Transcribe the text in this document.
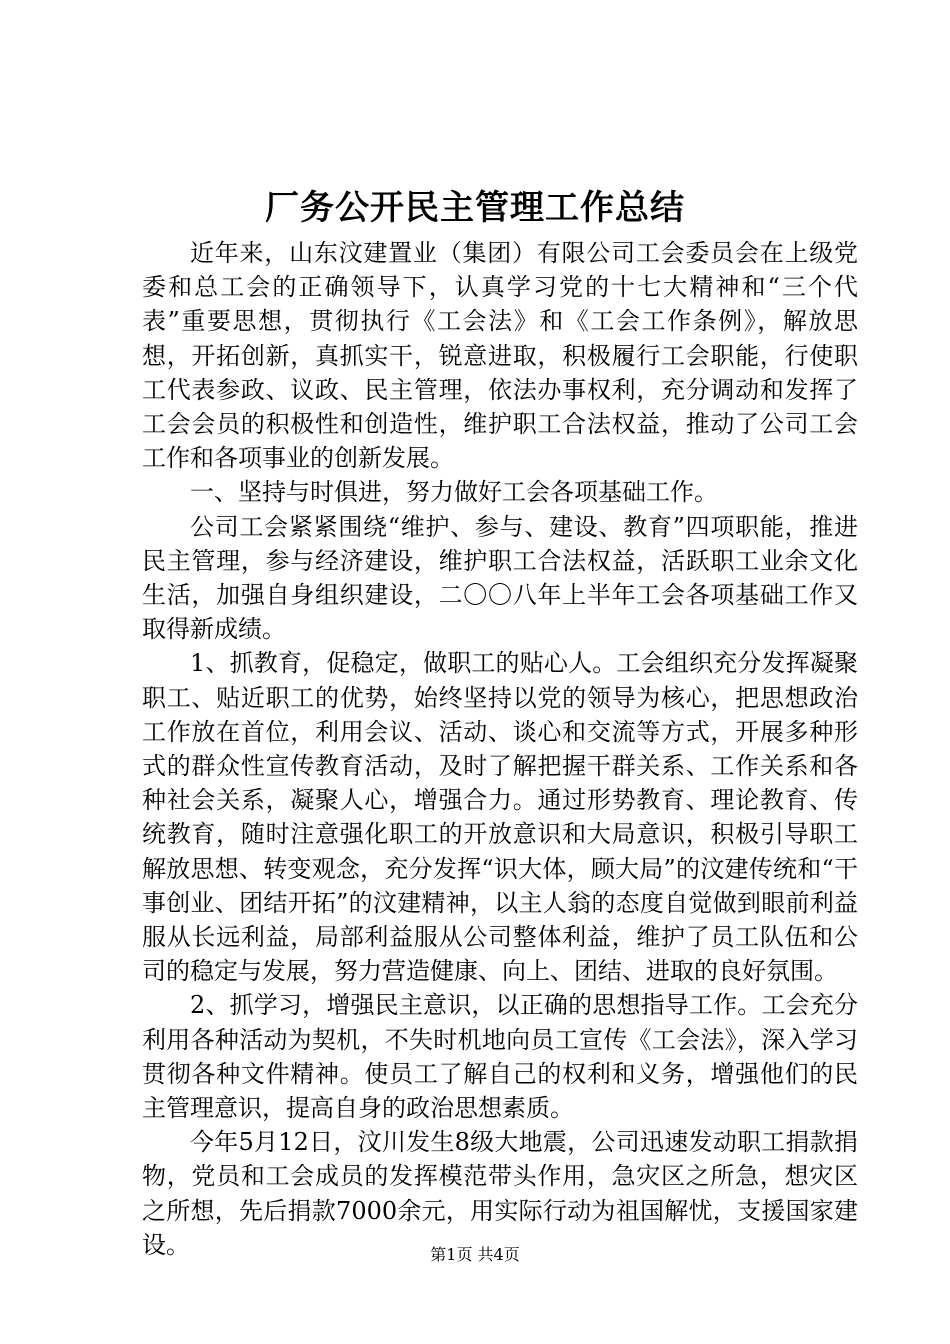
厂务公开民主管理工作总结

近年来，山东汶建置业（集团）有限公司工会委员会在上级党委和总工会的正确领导下，认真学习党的十七大精神和“三个代表”重要思想，贯彻执行《工会法》和《工会工作条例》，解放思想，开拓创新，真抓实干，锐意进取，积极履行工会职能，行使职工代表参政、议政、民主管理，依法办事权利，充分调动和发挥了工会会员的积极性和创造性，维护职工合法权益，推动了公司工会工作和各项事业的创新发展。

一、坚持与时俱进，努力做好工会各项基础工作。

公司工会紧紧围绕“维护、参与、建设、教育”四项职能，推进民主管理，参与经济建设，维护职工合法权益，活跃职工业余文化生活，加强自身组织建设，二〇〇八年上半年工会各项基础工作又取得新成绩。

1、抓教育，促稳定，做职工的贴心人。工会组织充分发挥凝聚职工、贴近职工的优势，始终坚持以党的领导为核心，把思想政治工作放在首位，利用会议、活动、谈心和交流等方式，开展多种形式的群众性宣传教育活动，及时了解把握干群关系、工作关系和各种社会关系，凝聚人心，增强合力。通过形势教育、理论教育、传统教育，随时注意强化职工的开放意识和大局意识，积极引导职工解放思想、转变观念，充分发挥“识大体，顾大局”的汶建传统和“干事创业、团结开拓”的汶建精神，以主人翁的态度自觉做到眼前利益服从长远利益，局部利益服从公司整体利益，维护了员工队伍和公司的稳定与发展，努力营造健康、向上、团结、进取的良好氛围。

2、抓学习，增强民主意识，以正确的思想指导工作。工会充分利用各种活动为契机，不失时机地向员工宣传《工会法》，深入学习贯彻各种文件精神。使员工了解自己的权利和义务，增强他们的民主管理意识，提高自身的政治思想素质。

今年5月12日，汶川发生8级大地震，公司迅速发动职工捐款捐物，党员和工会成员的发挥模范带头作用，急灾区之所急，想灾区之所想，先后捐款7000余元，用实际行动为祖国解忧，支援国家建设。	第1页 共4页
